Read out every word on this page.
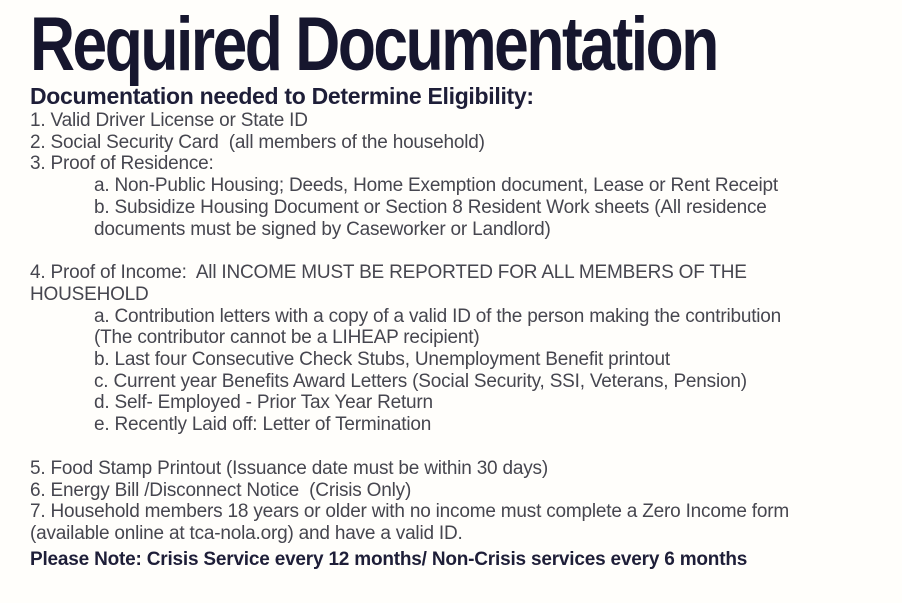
Required Documentation
Documentation needed to Determine Eligibility:
1. Valid Driver License or State ID
2. Social Security Card  (all members of the household)
3. Proof of Residence:
a. Non-Public Housing; Deeds, Home Exemption document, Lease or Rent Receipt
b. Subsidize Housing Document or Section 8 Resident Work sheets (All residence
documents must be signed by Caseworker or Landlord)
4. Proof of Income:  All INCOME MUST BE REPORTED FOR ALL MEMBERS OF THE
HOUSEHOLD
a. Contribution letters with a copy of a valid ID of the person making the contribution
(The contributor cannot be a LIHEAP recipient)
b. Last four Consecutive Check Stubs, Unemployment Benefit printout
c. Current year Benefits Award Letters (Social Security, SSI, Veterans, Pension)
d. Self- Employed - Prior Tax Year Return
e. Recently Laid off: Letter of Termination
5. Food Stamp Printout (Issuance date must be within 30 days)
6. Energy Bill /Disconnect Notice  (Crisis Only)
7. Household members 18 years or older with no income must complete a Zero Income form
(available online at tca-nola.org) and have a valid ID.
Please Note: Crisis Service every 12 months/ Non-Crisis services every 6 months
